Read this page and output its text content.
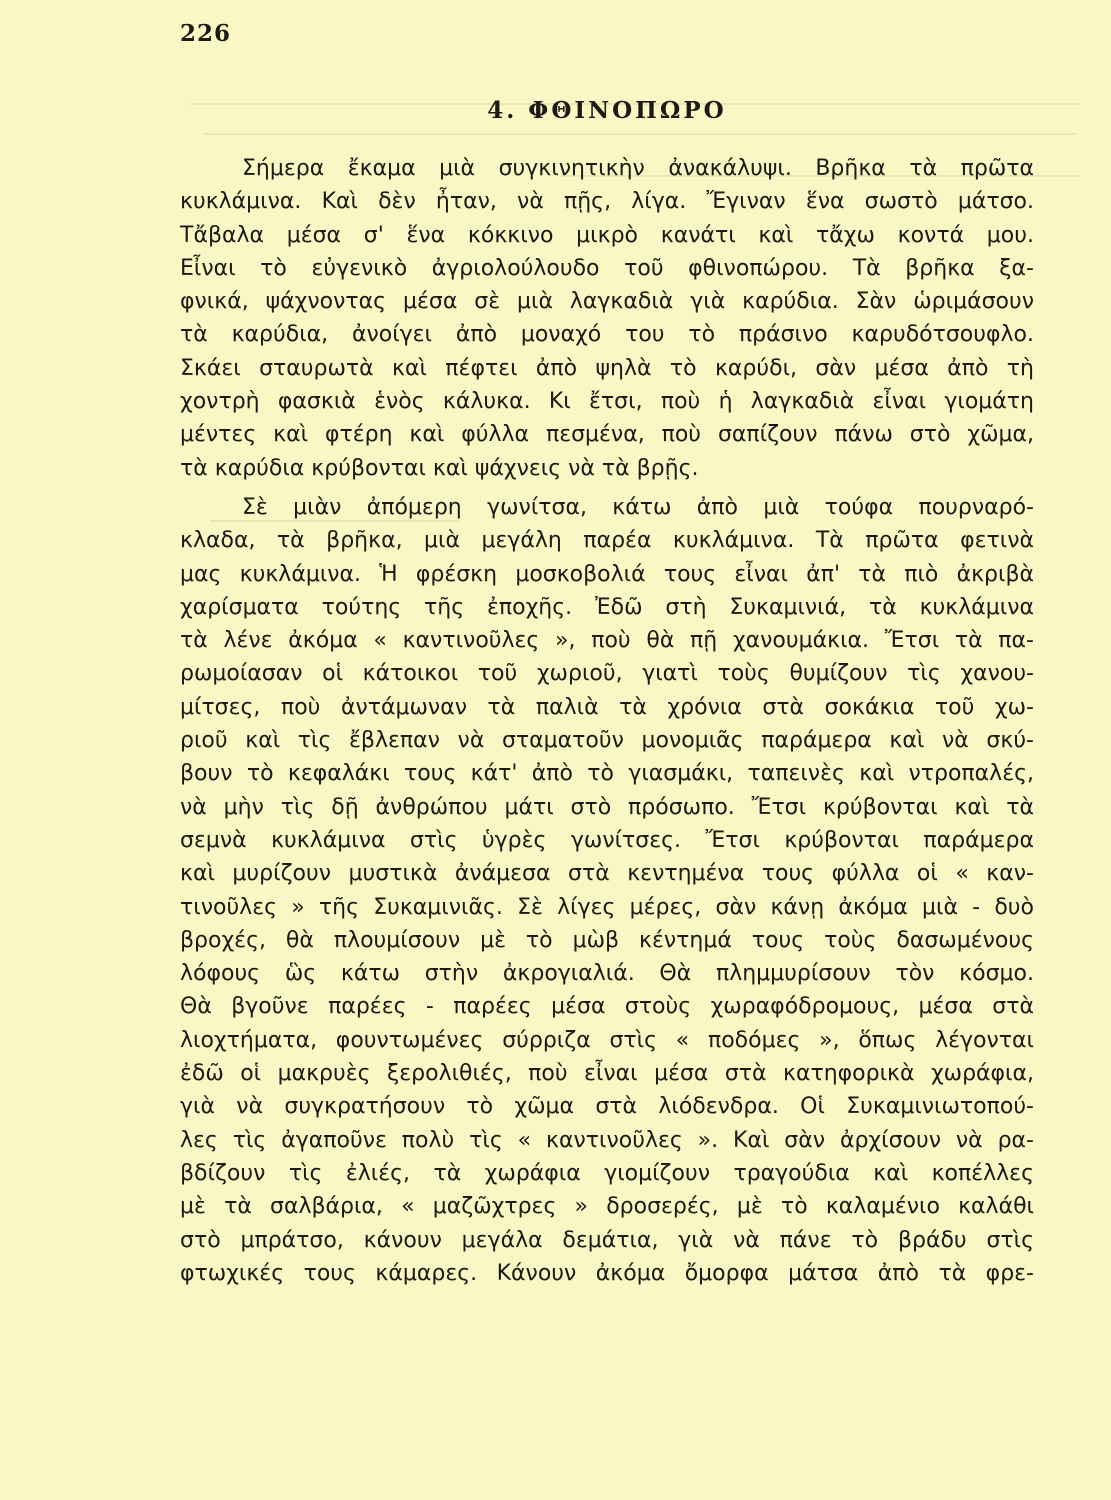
226
4. ΦΘΙΝΟΠΩΡΟ
Σήμερα ἔκαμα μιὰ συγκινητικὴν ἀνακάλυψι. Βρῆκα τὰ πρῶτα
κυκλάμινα. Καὶ δὲν ἦταν, νὰ πῇς, λίγα. Ἔγιναν ἕνα σωστὸ μάτσο.
Τἄβαλα μέσα σ' ἕνα κόκκινο μικρὸ κανάτι καὶ τἄχω κοντά μου.
Εἶναι τὸ εὐγενικὸ ἀγριολούλουδο τοῦ φθινοπώρου. Τὰ βρῆκα ξα-
φνικά, ψάχνοντας μέσα σὲ μιὰ λαγκαδιὰ γιὰ καρύδια. Σὰν ὡριμάσουν
τὰ καρύδια, ἀνοίγει ἀπὸ μοναχό του τὸ πράσινο καρυδότσουφλο.
Σκάει σταυρωτὰ καὶ πέφτει ἀπὸ ψηλὰ τὸ καρύδι, σὰν μέσα ἀπὸ τὴ
χοντρὴ φασκιὰ ἑνὸς κάλυκα. Κι ἔτσι, ποὺ ἡ λαγκαδιὰ εἶναι γιομάτη
μέντες καὶ φτέρη καὶ φύλλα πεσμένα, ποὺ σαπίζουν πάνω στὸ χῶμα,
τὰ καρύδια κρύβονται καὶ ψάχνεις νὰ τὰ βρῇς.
Σὲ μιὰν ἀπόμερη γωνίτσα, κάτω ἀπὸ μιὰ τούφα πουρναρό-
κλαδα, τὰ βρῆκα, μιὰ μεγάλη παρέα κυκλάμινα. Τὰ πρῶτα φετινὰ
μας κυκλάμινα. Ἡ φρέσκη μοσκοβολιά τους εἶναι ἀπ' τὰ πιὸ ἀκριβὰ
χαρίσματα τούτης τῆς ἐποχῆς. Ἐδῶ στὴ Συκαμινιά, τὰ κυκλάμινα
τὰ λένε ἀκόμα « καντινοῦλες », ποὺ θὰ πῇ χανουμάκια. Ἔτσι τὰ πα-
ρωμοίασαν οἱ κάτοικοι τοῦ χωριοῦ, γιατὶ τοὺς θυμίζουν τὶς χανου-
μίτσες, ποὺ ἀντάμωναν τὰ παλιὰ τὰ χρόνια στὰ σοκάκια τοῦ χω-
ριοῦ καὶ τὶς ἔβλεπαν νὰ σταματοῦν μονομιᾶς παράμερα καὶ νὰ σκύ-
βουν τὸ κεφαλάκι τους κάτ' ἀπὸ τὸ γιασμάκι, ταπεινὲς καὶ ντροπαλές,
νὰ μὴν τὶς δῇ ἀνθρώπου μάτι στὸ πρόσωπο. Ἔτσι κρύβονται καὶ τὰ
σεμνὰ κυκλάμινα στὶς ὑγρὲς γωνίτσες. Ἔτσι κρύβονται παράμερα
καὶ μυρίζουν μυστικὰ ἀνάμεσα στὰ κεντημένα τους φύλλα οἱ « καν-
τινοῦλες » τῆς Συκαμινιᾶς. Σὲ λίγες μέρες, σὰν κάνῃ ἀκόμα μιὰ - δυὸ
βροχές, θὰ πλουμίσουν μὲ τὸ μὼβ κέντημά τους τοὺς δασωμένους
λόφους ὣς κάτω στὴν ἀκρογιαλιά. Θὰ πλημμυρίσουν τὸν κόσμο.
Θὰ βγοῦνε παρέες - παρέες μέσα στοὺς χωραφόδρομους, μέσα στὰ
λιοχτήματα, φουντωμένες σύρριζα στὶς « ποδόμες », ὅπως λέγονται
ἐδῶ οἱ μακρυὲς ξερολιθιές, ποὺ εἶναι μέσα στὰ κατηφορικὰ χωράφια,
γιὰ νὰ συγκρατήσουν τὸ χῶμα στὰ λιόδενδρα. Οἱ Συκαμινιωτοπού-
λες τὶς ἀγαποῦνε πολὺ τὶς « καντινοῦλες ». Καὶ σὰν ἀρχίσουν νὰ ρα-
βδίζουν τὶς ἐλιές, τὰ χωράφια γιομίζουν τραγούδια καὶ κοπέλλες
μὲ τὰ σαλβάρια, « μαζῶχτρες » δροσερές, μὲ τὸ καλαμένιο καλάθι
στὸ μπράτσο, κάνουν μεγάλα δεμάτια, γιὰ νὰ πάνε τὸ βράδυ στὶς
φτωχικές τους κάμαρες. Κάνουν ἀκόμα ὄμορφα μάτσα ἀπὸ τὰ φρε-
